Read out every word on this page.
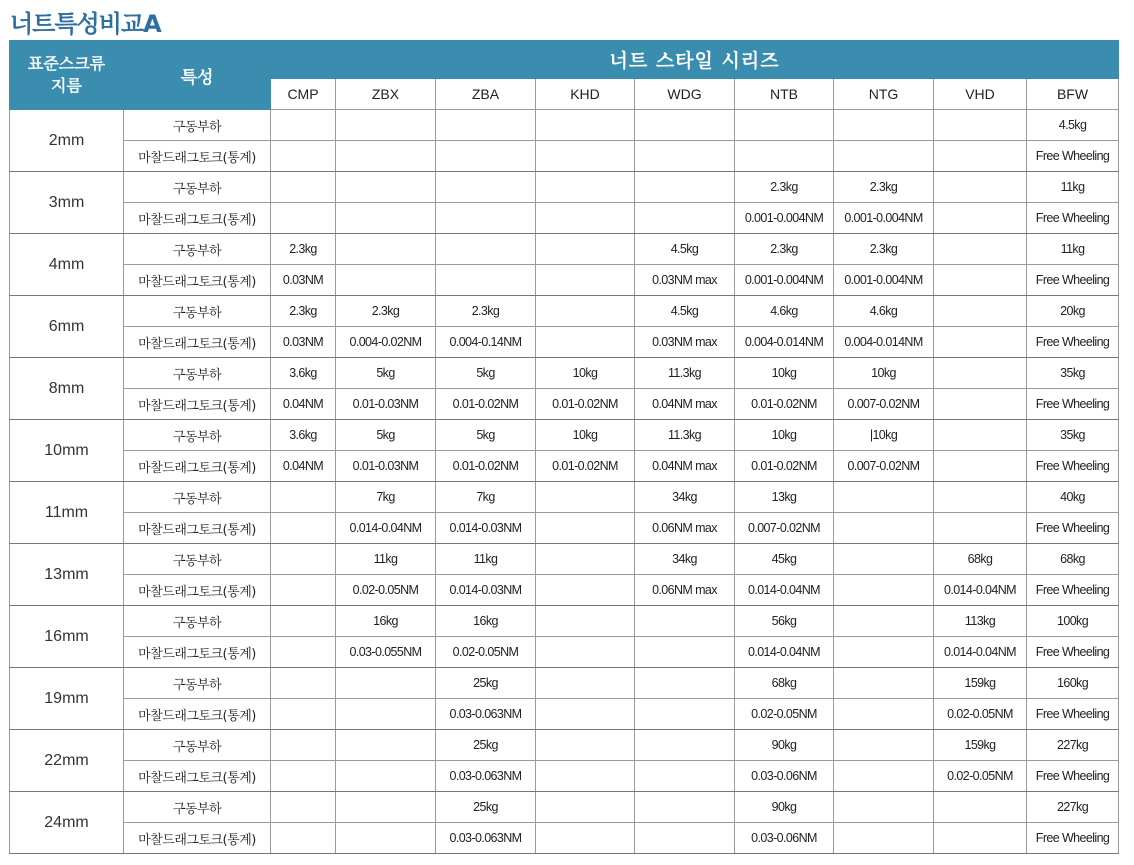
너트특성비교A
표준스크류
지름	특성	너트 스타일 시리즈								
		CMP	ZBX	ZBA	KHD	WDG	NTB	NTG	VHD	BFW
2mm	구동부하									4.5kg
	마찰드래그토크(통계)									Free Wheeling
3mm	구동부하						2.3kg	2.3kg		11kg
	마찰드래그토크(통계)						0.001-0.004NM	0.001-0.004NM		Free Wheeling
4mm	구동부하	2.3kg				4.5kg	2.3kg	2.3kg		11kg
	마찰드래그토크(통계)	0.03NM				0.03NM max	0.001-0.004NM	0.001-0.004NM		Free Wheeling
6mm	구동부하	2.3kg	2.3kg	2.3kg		4.5kg	4.6kg	4.6kg		20kg
	마찰드래그토크(통계)	0.03NM	0.004-0.02NM	0.004-0.14NM		0.03NM max	0.004-0.014NM	0.004-0.014NM		Free Wheeling
8mm	구동부하	3.6kg	5kg	5kg	10kg	11.3kg	10kg	10kg		35kg
	마찰드래그토크(통계)	0.04NM	0.01-0.03NM	0.01-0.02NM	0.01-0.02NM	0.04NM max	0.01-0.02NM	0.007-0.02NM		Free Wheeling
10mm	구동부하	3.6kg	5kg	5kg	10kg	11.3kg	10kg	|10kg		35kg
	마찰드래그토크(통계)	0.04NM	0.01-0.03NM	0.01-0.02NM	0.01-0.02NM	0.04NM max	0.01-0.02NM	0.007-0.02NM		Free Wheeling
11mm	구동부하		7kg	7kg		34kg	13kg			40kg
	마찰드래그토크(통계)		0.014-0.04NM	0.014-0.03NM		0.06NM max	0.007-0.02NM			Free Wheeling
13mm	구동부하		11kg	11kg		34kg	45kg		68kg	68kg
	마찰드래그토크(통계)		0.02-0.05NM	0.014-0.03NM		0.06NM max	0.014-0.04NM		0.014-0.04NM	Free Wheeling
16mm	구동부하		16kg	16kg			56kg		113kg	100kg
	마찰드래그토크(통계)		0.03-0.055NM	0.02-0.05NM			0.014-0.04NM		0.014-0.04NM	Free Wheeling
19mm	구동부하			25kg			68kg		159kg	160kg
	마찰드래그토크(통계)			0.03-0.063NM			0.02-0.05NM		0.02-0.05NM	Free Wheeling
22mm	구동부하			25kg			90kg		159kg	227kg
	마찰드래그토크(통계)			0.03-0.063NM			0.03-0.06NM		0.02-0.05NM	Free Wheeling
24mm	구동부하			25kg			90kg			227kg
	마찰드래그토크(통계)			0.03-0.063NM			0.03-0.06NM			Free Wheeling
